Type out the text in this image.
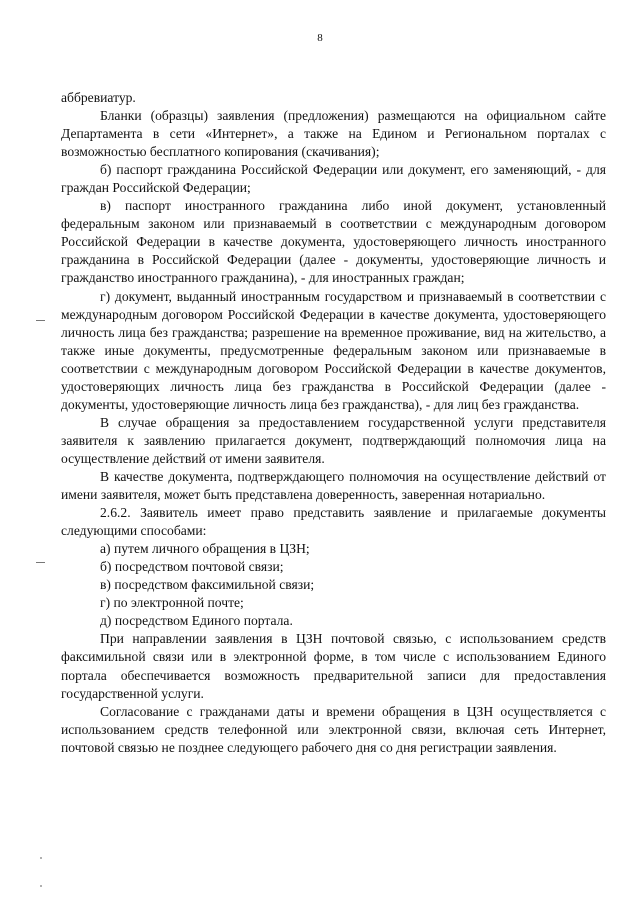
8

аббревиатур.

Бланки (образцы) заявления (предложения) размещаются на официальном сайте Департамента в сети «Интернет», а также на Едином и Региональном порталах с возможностью бесплатного копирования (скачивания);

б) паспорт гражданина Российской Федерации или документ, его заменяющий, - для граждан Российской Федерации;

в) паспорт иностранного гражданина либо иной документ, установленный федеральным законом или признаваемый в соответствии с международным договором Российской Федерации в качестве документа, удостоверяющего личность иностранного гражданина в Российской Федерации (далее - документы, удостоверяющие личность и гражданство иностранного гражданина), - для иностранных граждан;

г) документ, выданный иностранным государством и признаваемый в соответствии с международным договором Российской Федерации в качестве документа, удостоверяющего личность лица без гражданства; разрешение на временное проживание, вид на жительство, а также иные документы, предусмотренные федеральным законом или признаваемые в соответствии с международным договором Российской Федерации в качестве документов, удостоверяющих личность лица без гражданства в Российской Федерации (далее - документы, удостоверяющие личность лица без гражданства), - для лиц без гражданства.

В случае обращения за предоставлением государственной услуги представителя заявителя к заявлению прилагается документ, подтверждающий полномочия лица на осуществление действий от имени заявителя.

В качестве документа, подтверждающего полномочия на осуществление действий от имени заявителя, может быть представлена доверенность, заверенная нотариально.

2.6.2. Заявитель имеет право представить заявление и прилагаемые документы следующими способами:

а) путем личного обращения в ЦЗН;

б) посредством почтовой связи;

в) посредством факсимильной связи;

г) по электронной почте;

д) посредством Единого портала.

При направлении заявления в ЦЗН почтовой связью, с использованием средств факсимильной связи или в электронной форме, в том числе с использованием Единого портала обеспечивается возможность предварительной записи для предоставления государственной услуги.

Согласование с гражданами даты и времени обращения в ЦЗН осуществляется с использованием средств телефонной или электронной связи, включая сеть Интернет, почтовой связью не позднее следующего рабочего дня со дня регистрации заявления.
